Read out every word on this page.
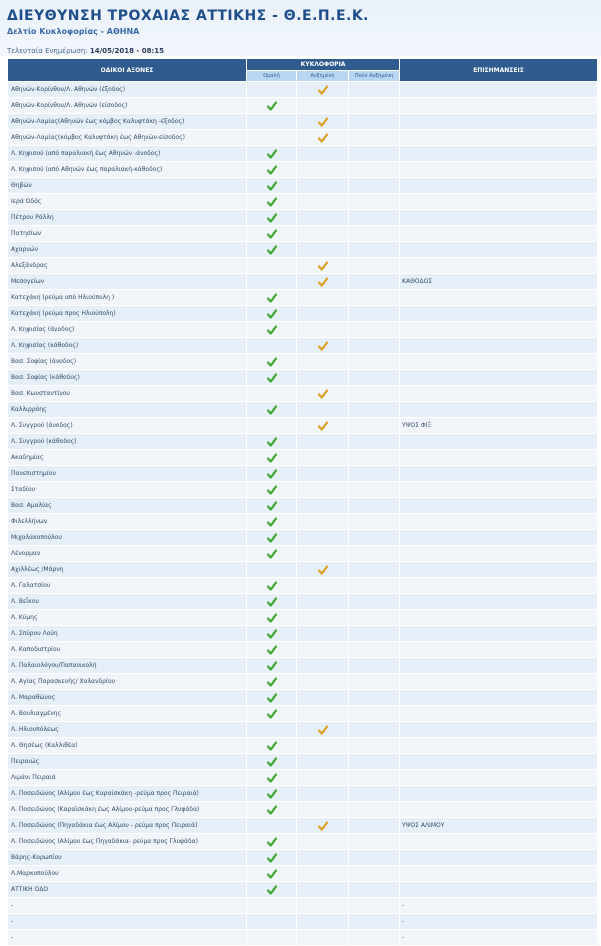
ΔΙΕΥΘΥΝΣΗ ΤΡΟΧΑΙΑΣ ΑΤΤΙΚΗΣ - Θ.Ε.Π.Ε.Κ.
Δελτίο Κυκλοφορίας - ΑΘΗΝΑ
Τελευταία Ενημέρωση: 14/05/2018 - 08:15
ΟΔΙΚΟΙ ΑΞΟΝΕΣ	ΚΥΚΛΟΦΟΡΙΑ			ΕΠΙΣΗΜΑΝΣΕΙΣ
	Ομαλή	Αυξημένη	Πολύ Αυξημένη	
Αθηνών-Κορίνθου/Λ. Αθηνών (έξοδος)				
Αθηνών-Κορίνθου/Λ. Αθηνών (είσοδος)				
Αθηνών-Λαμίας(Αθηνών έως κόμβος Καλυφτάκη -έξοδος)				
Αθηνών-Λαμίας(κόμβος Καλυφτάκη έως Αθηνών-είσοδος)				
Λ. Κηφισού (από παραλιακή έως Αθηνών -άνοδος)				
Λ. Κηφισού (από Αθηνών έως παραλιακή-κάθοδος)				
Θηβών				
Ιερά Οδός				
Πέτρου Ράλλη				
Πατησίων				
Αχαρνών				
Αλεξάνδρας				
Μεσογείων				ΚΑΘΟΔΟΣ
Κατεχάκη (ρεύμα από Ηλιούπολη )				
Κατεχάκη (ρεύμα προς Ηλιούπολη)				
Λ. Κηφισίας (άνοδος)				
Λ. Κηφισίας (κάθοδος)				
Βασ. Σοφίας (άνοδος)				
Βασ. Σοφίας (κάθοδος)				
Βασ. Κωνσταντίνου				
Καλλιρρόης				
Λ. Συγγρού (άνοδος)				ΥΨΟΣ ΦΙΞ
Λ. Συγγρού (κάθοδος)				
Ακαδημίας				
Πανεπιστημίου				
Σταδίου				
Βασ. Αμαλίας				
Φιλελλήνων				
Μιχαλακοπούλου				
Λένορμαν				
Αχιλλέως /Μάρνη				
Λ. Γαλατσίου				
Λ. Βεΐκου				
Λ. Κύμης				
Λ. Σπύρου Λούη				
Λ. Καποδιστρίου				
Λ. Παλαιολόγου/Παπανικολή				
Λ. Αγίας Παρασκευής/ Χαλανδρίου				
Λ. Μαραθώνος				
Λ. Βουλιαγμένης				
Λ. Ηλιουπόλεως				
Λ. Θησέως (Καλλιθέα)				
Πειραιώς				
Λιμάνι Πειραιά				
Λ. Ποσειδώνος (Αλίμου έως Καραϊσκάκη -ρεύμα προς Πειραιά)				
Λ. Ποσειδώνος (Καραϊσκάκη έως Αλίμου-ρεύμα προς Γλυφάδα)				
Λ. Ποσειδώνος (Πηγαδάκια έως Αλίμου - ρεύμα προς Πειραιά)				ΥΨΟΣ ΑΛΙΜΟΥ
Λ. Ποσειδώνος (Αλίμου έως Πηγαδάκια- ρεύμα προς Γλυφάδα)				
Βάρης-Κορωπίου				
Λ.Μαρκοπούλου				
ΑΤΤΙΚΗ ΟΔΟ				
-				-
-				-
-				-
